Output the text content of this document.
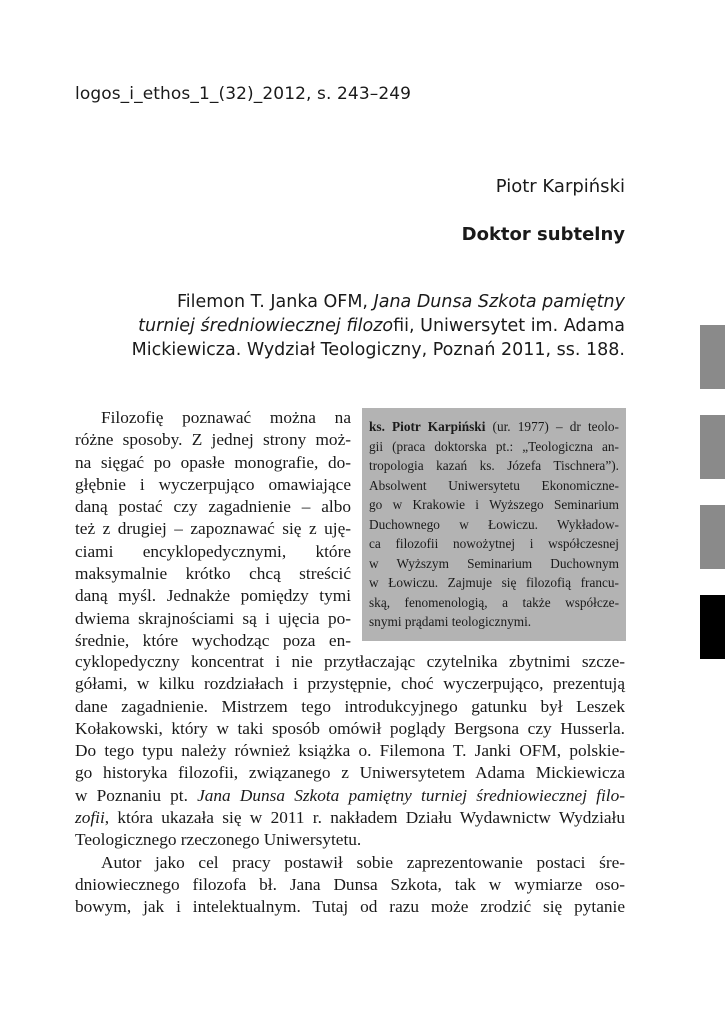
logos_i_ethos_1_(32)_2012, s. 243–249
Piotr Karpiński
Doktor subtelny
Filemon T. Janka OFM, Jana Dunsa Szkota pamiętny
turniej średniowiecznej filozofii, Uniwersytet im. Adama
Mickiewicza. Wydział Teologiczny, Poznań 2011, ss. 188.
Filozofię poznawać można na
różne sposoby. Z jednej strony moż-
na sięgać po opasłe monografie, do-
głębnie i wyczerpująco omawiające
daną postać czy zagadnienie – albo
też z drugiej – zapoznawać się z uję-
ciami encyklopedycznymi, które
maksymalnie krótko chcą streścić
daną myśl. Jednakże pomiędzy tymi
dwiema skrajnościami są i ujęcia po-
średnie, które wychodząc poza en-
ks. Piotr Karpiński (ur. 1977) – dr teolo-
gii (praca doktorska pt.: „Teologiczna an-
tropologia kazań ks. Józefa Tischnera”).
Absolwent Uniwersytetu Ekonomiczne-
go w Krakowie i Wyższego Seminarium
Duchownego w Łowiczu. Wykładow-
ca filozofii nowożytnej i współczesnej
w Wyższym Seminarium Duchownym
w Łowiczu. Zajmuje się filozofią francu-
ską, fenomenologią, a także współcze-
snymi prądami teologicznymi.
cyklopedyczny koncentrat i nie przytłaczając czytelnika zbytnimi szcze-
gółami, w kilku rozdziałach i przystępnie, choć wyczerpująco, prezentują
dane zagadnienie. Mistrzem tego introdukcyjnego gatunku był Leszek
Kołakowski, który w taki sposób omówił poglądy Bergsona czy Husserla.
Do tego typu należy również książka o. Filemona T. Janki OFM, polskie-
go historyka filozofii, związanego z Uniwersytetem Adama Mickiewicza
w Poznaniu pt. Jana Dunsa Szkota pamiętny turniej średniowiecznej filo-
zofii, która ukazała się w 2011 r. nakładem Działu Wydawnictw Wydziału
Teologicznego rzeczonego Uniwersytetu.
Autor jako cel pracy postawił sobie zaprezentowanie postaci śre-
dniowiecznego filozofa bł. Jana Dunsa Szkota, tak w wymiarze oso-
bowym, jak i intelektualnym. Tutaj od razu może zrodzić się pytanie
